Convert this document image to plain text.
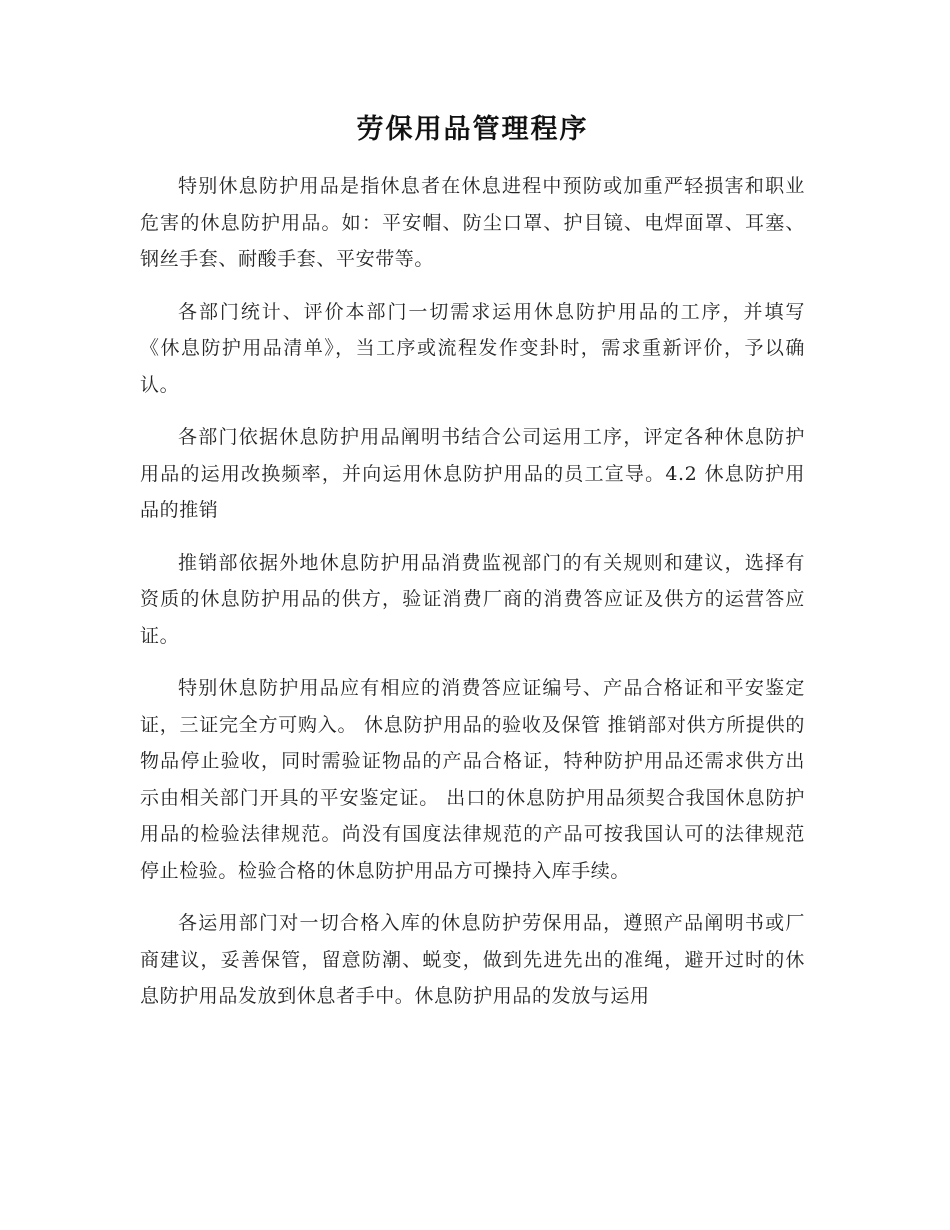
劳保用品管理程序

特别休息防护用品是指休息者在休息进程中预防或加重严轻损害和职业危害的休息防护用品。如：平安帽、防尘口罩、护目镜、电焊面罩、耳塞、钢丝手套、耐酸手套、平安带等。

各部门统计、评价本部门一切需求运用休息防护用品的工序，并填写《休息防护用品清单》，当工序或流程发作变卦时，需求重新评价，予以确认。

各部门依据休息防护用品阐明书结合公司运用工序，评定各种休息防护用品的运用改换频率，并向运用休息防护用品的员工宣导。4.2 休息防护用品的推销

推销部依据外地休息防护用品消费监视部门的有关规则和建议，选择有资质的休息防护用品的供方，验证消费厂商的消费答应证及供方的运营答应证。

特别休息防护用品应有相应的消费答应证编号、产品合格证和平安鉴定证，三证完全方可购入。 休息防护用品的验收及保管 推销部对供方所提供的物品停止验收，同时需验证物品的产品合格证，特种防护用品还需求供方出示由相关部门开具的平安鉴定证。 出口的休息防护用品须契合我国休息防护用品的检验法律规范。尚没有国度法律规范的产品可按我国认可的法律规范停止检验。检验合格的休息防护用品方可操持入库手续。

各运用部门对一切合格入库的休息防护劳保用品，遵照产品阐明书或厂商建议，妥善保管，留意防潮、蜕变，做到先进先出的准绳，避开过时的休息防护用品发放到休息者手中。休息防护用品的发放与运用
